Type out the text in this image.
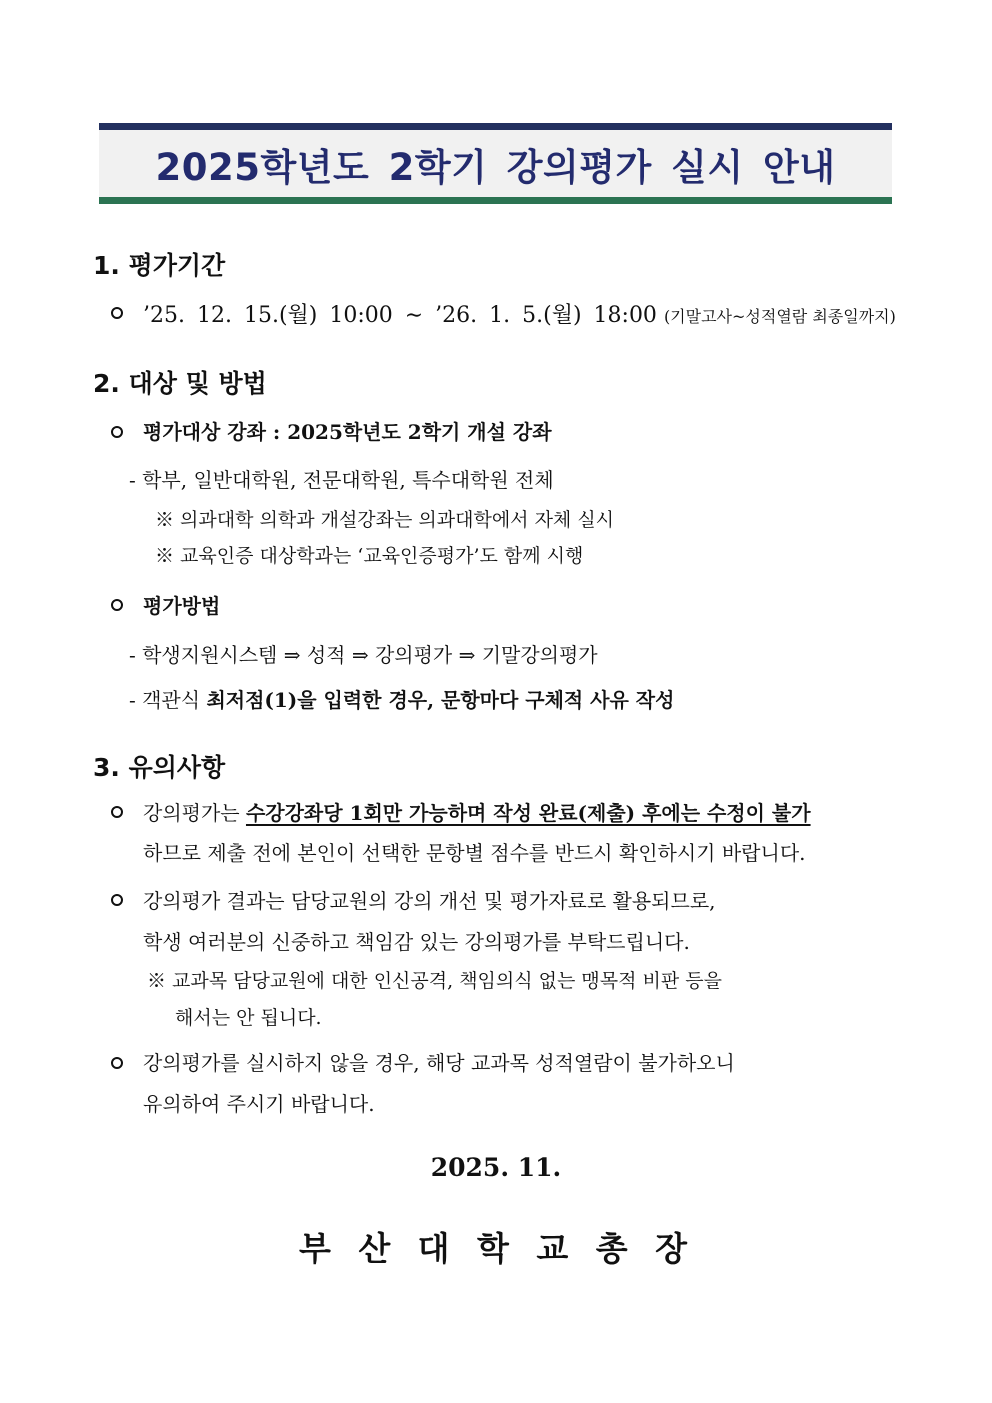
2025학년도 2학기 강의평가 실시 안내
1. 평가기간
’25. 12. 15.(월) 10:00 ∼ ’26. 1. 5.(월) 18:00 (기말고사~성적열람 최종일까지)
2. 대상 및 방법
평가대상 강좌 : 2025학년도 2학기 개설 강좌
- 학부, 일반대학원, 전문대학원, 특수대학원 전체
※ 의과대학 의학과 개설강좌는 의과대학에서 자체 실시
※ 교육인증 대상학과는 ‘교육인증평가’도 함께 시행
평가방법
- 학생지원시스템 ⇒ 성적 ⇒ 강의평가 ⇒ 기말강의평가
- 객관식 최저점(1)을 입력한 경우, 문항마다 구체적 사유 작성
3. 유의사항
강의평가는 수강강좌당 1회만 가능하며 작성 완료(제출) 후에는 수정이 불가
하므로 제출 전에 본인이 선택한 문항별 점수를 반드시 확인하시기 바랍니다.
강의평가 결과는 담당교원의 강의 개선 및 평가자료로 활용되므로,
학생 여러분의 신중하고 책임감 있는 강의평가를 부탁드립니다.
※ 교과목 담당교원에 대한 인신공격, 책임의식 없는 맹목적 비판 등을
해서는 안 됩니다.
강의평가를 실시하지 않을 경우, 해당 교과목 성적열람이 불가하오니
유의하여 주시기 바랍니다.
2025. 11.
부 산 대 학 교 총 장
